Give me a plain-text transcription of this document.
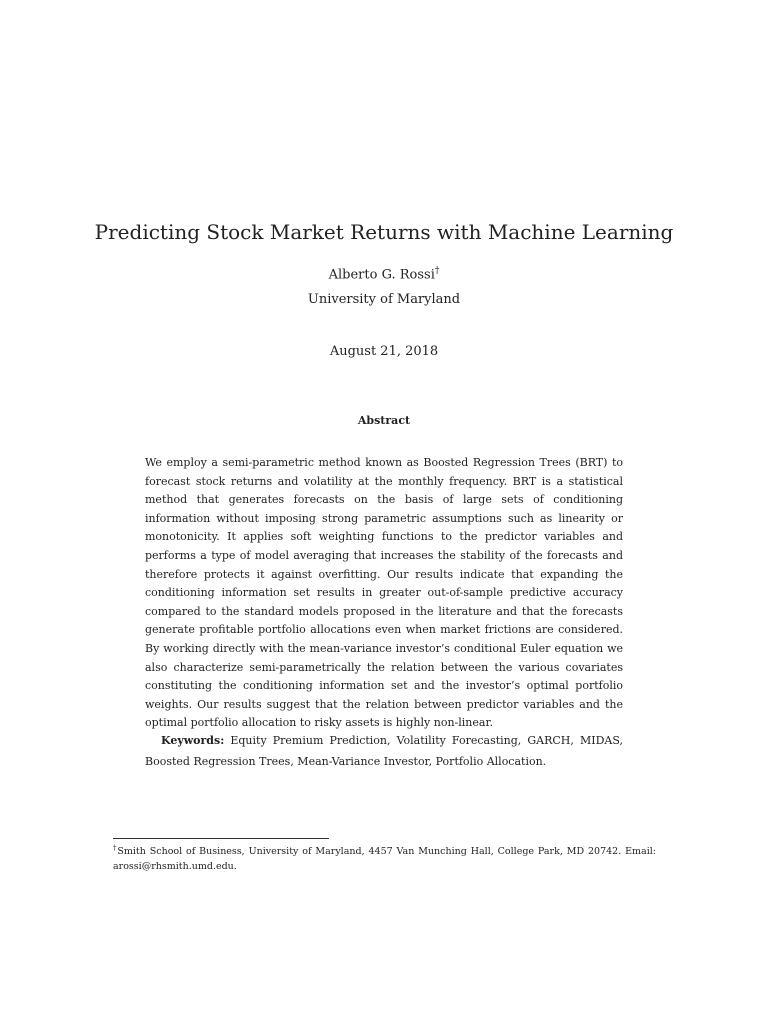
Predicting Stock Market Returns with Machine Learning
Alberto G. Rossi†
University of Maryland
August 21, 2018
Abstract
We employ a semi-parametric method known as Boosted Regression Trees (BRT) to forecast stock returns and volatility at the monthly frequency. BRT is a statistical method that generates forecasts on the basis of large sets of conditioning information without imposing strong parametric assumptions such as linearity or monotonicity. It applies soft weighting functions to the predictor variables and performs a type of model averaging that increases the stability of the forecasts and therefore protects it against overfitting. Our results indicate that expanding the conditioning information set results in greater out-of-sample predictive accuracy compared to the standard models proposed in the literature and that the forecasts generate profitable portfolio allocations even when market frictions are considered. By working directly with the mean-variance investor’s conditional Euler equation we also characterize semi-parametrically the relation between the various covariates constituting the conditioning information set and the investor’s optimal portfolio weights. Our results suggest that the relation between predictor variables and the optimal portfolio allocation to risky assets is highly non-linear.
Keywords: Equity Premium Prediction, Volatility Forecasting, GARCH, MIDAS, Boosted Regression Trees, Mean-Variance Investor, Portfolio Allocation.
†Smith School of Business, University of Maryland, 4457 Van Munching Hall, College Park, MD 20742. Email: arossi@rhsmith.umd.edu.
